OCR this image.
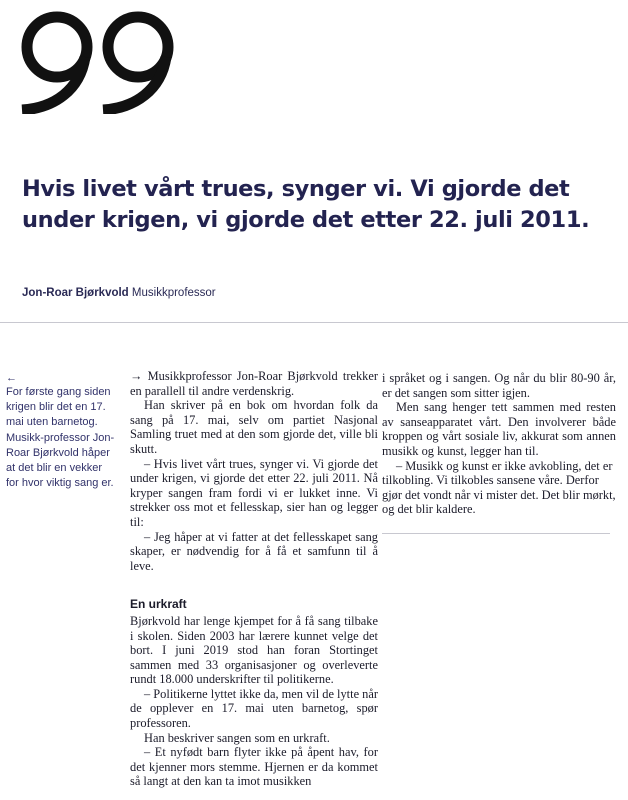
Hvis livet vårt trues, synger vi. Vi gjorde det under krigen, vi gjorde det etter 22. juli 2011.
Jon-Roar Bjørkvold Musikkprofessor
←
For første gang siden krigen blir det en 17. mai uten barnetog. Musikk-professor Jon-Roar Bjørkvold håper at det blir en vekker for hvor viktig sang er.

→ Musikkprofessor Jon-Roar Bjørkvold trekker en parallell til andre verdenskrig.

Han skriver på en bok om hvordan folk da sang på 17. mai, selv om partiet Nasjonal Samling truet med at den som gjorde det, ville bli skutt.

– Hvis livet vårt trues, synger vi. Vi gjorde det under krigen, vi gjorde det etter 22. juli 2011. Nå kryper sangen fram fordi vi er lukket inne. Vi strekker oss mot et fellesskap, sier han og legger til:

– Jeg håper at vi fatter at det fellesskapet sang skaper, er nødvendig for å få et samfunn til å leve.

En urkraft

Bjørkvold har lenge kjempet for å få sang tilbake i skolen. Siden 2003 har lærere kunnet velge det bort. I juni 2019 stod han foran Stortinget sammen med 33 organisasjoner og overleverte rundt 18.000 underskrifter til politikerne.

– Politikerne lyttet ikke da, men vil de lytte når de opplever en 17. mai uten barnetog, spør professoren.

Han beskriver sangen som en urkraft.

– Et nyfødt barn flyter ikke på åpent hav, for det kjenner mors stemme. Hjernen er da kommet så langt at den kan ta imot musikken

i språket og i sangen. Og når du blir 80-90 år, er det sangen som sitter igjen.

Men sang henger tett sammen med resten av sanseapparatet vårt. Den involverer både kroppen og vårt sosiale liv, akkurat som annen musikk og kunst, legger han til.

– Musikk og kunst er ikke avkobling, det er tilkobling. Vi tilkobles sansene våre. Derfor gjør det vondt når vi mister det. Det blir mørkt, og det blir kaldere.
